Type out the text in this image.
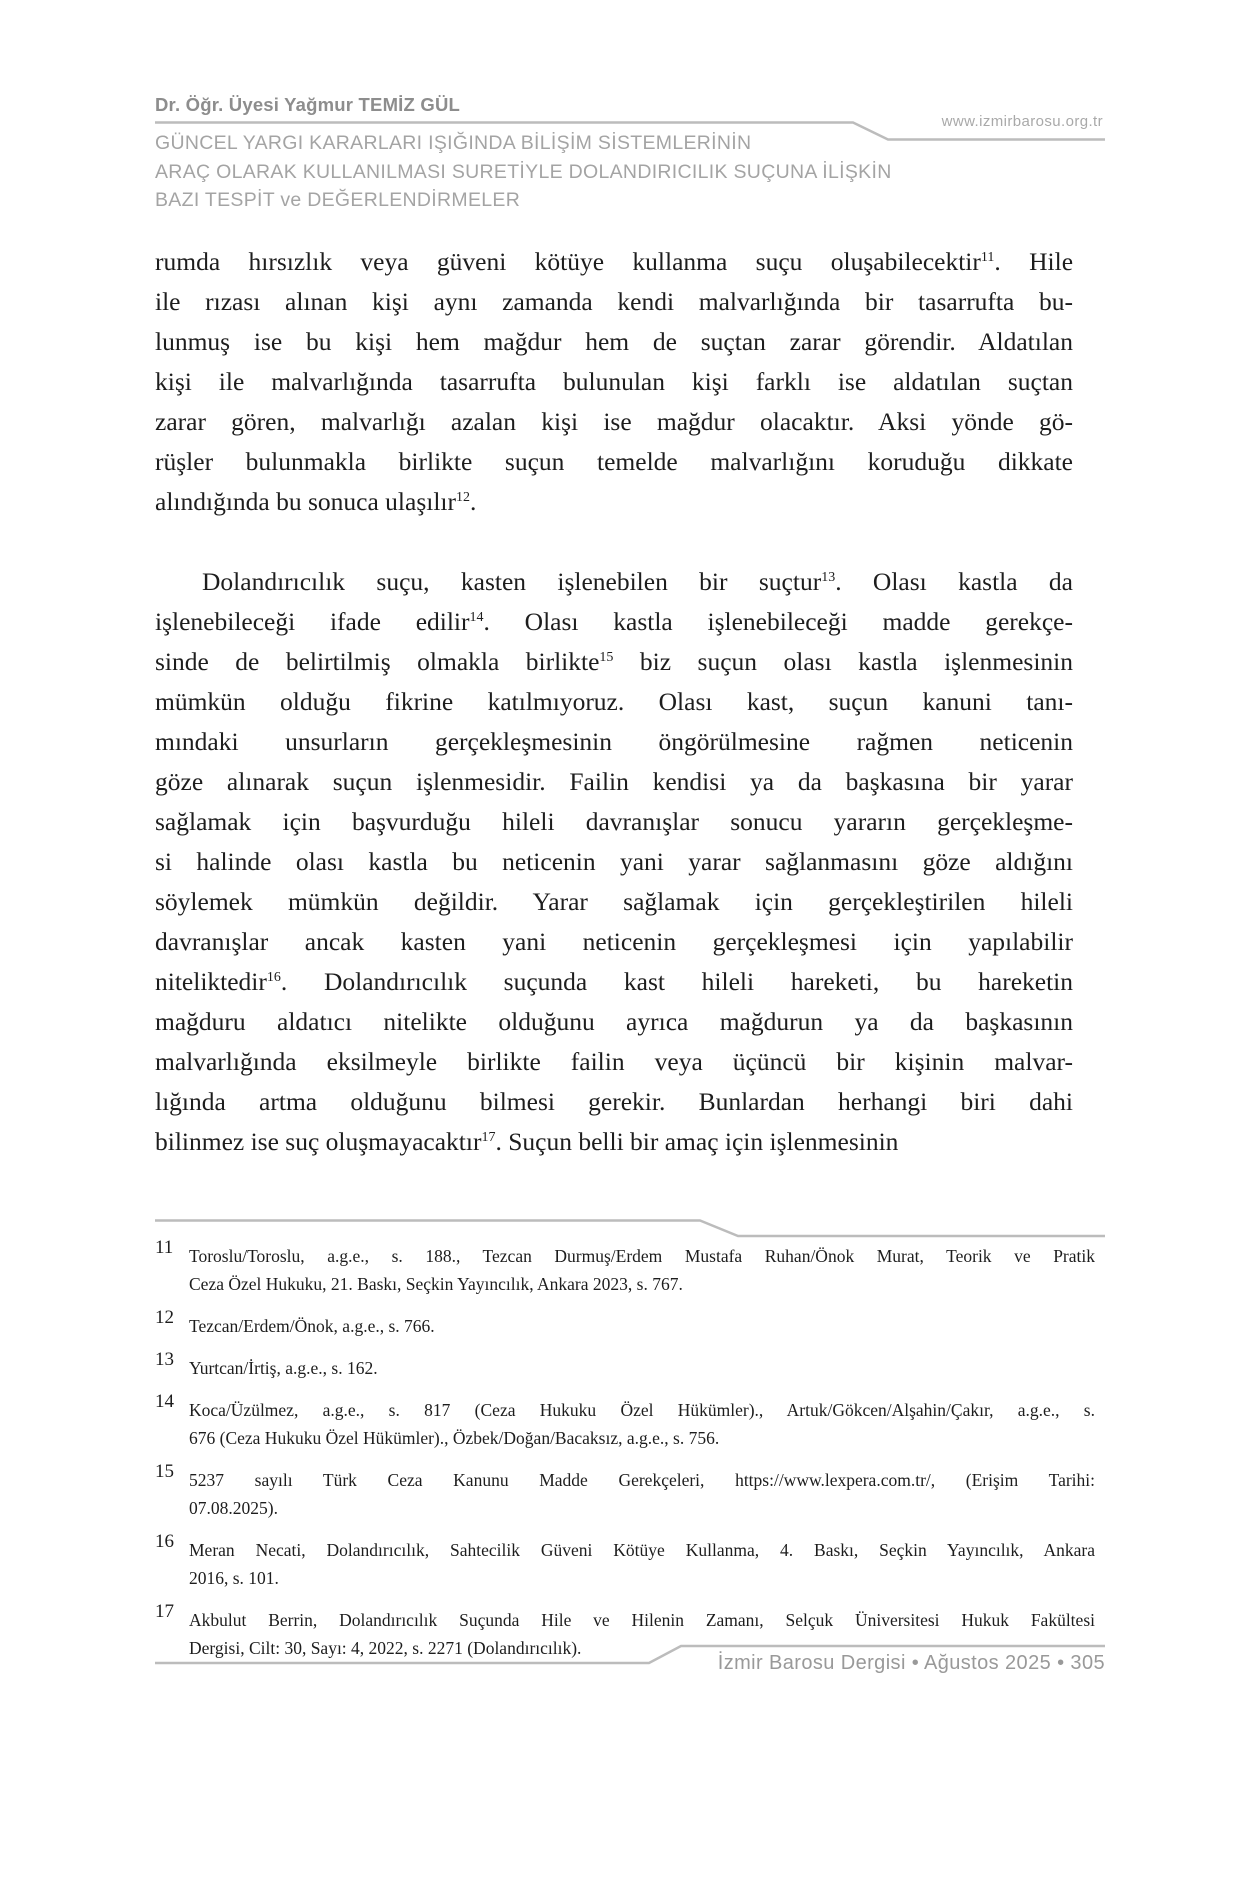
Dr. Öğr. Üyesi Yağmur TEMİZ GÜL
www.izmirbarosu.org.tr
GÜNCEL YARGI KARARLARI IŞIĞINDA BİLİŞİM SİSTEMLERİNİN
ARAÇ OLARAK KULLANILMASI SURETİYLE DOLANDIRICILIK SUÇUNA İLİŞKİN
BAZI TESPİT ve DEĞERLENDİRMELER
rumda hırsızlık veya güveni kötüye kullanma suçu oluşabilecektir$^{11}$. Hile
ile rızası alınan kişi aynı zamanda kendi malvarlığında bir tasarrufta bu-
lunmuş ise bu kişi hem mağdur hem de suçtan zarar görendir. Aldatılan
kişi ile malvarlığında tasarrufta bulunulan kişi farklı ise aldatılan suçtan
zarar gören, malvarlığı azalan kişi ise mağdur olacaktır. Aksi yönde gö-
rüşler bulunmakla birlikte suçun temelde malvarlığını koruduğu dikkate
alındığında bu sonuca ulaşılır$^{12}$.
Dolandırıcılık suçu, kasten işlenebilen bir suçtur$^{13}$. Olası kastla da
işlenebileceği ifade edilir$^{14}$. Olası kastla işlenebileceği madde gerekçe-
sinde de belirtilmiş olmakla birlikte$^{15}$ biz suçun olası kastla işlenmesinin
mümkün olduğu fikrine katılmıyoruz. Olası kast, suçun kanuni tanı-
mındaki unsurların gerçekleşmesinin öngörülmesine rağmen neticenin
göze alınarak suçun işlenmesidir. Failin kendisi ya da başkasına bir yarar
sağlamak için başvurduğu hileli davranışlar sonucu yararın gerçekleşme-
si halinde olası kastla bu neticenin yani yarar sağlanmasını göze aldığını
söylemek mümkün değildir. Yarar sağlamak için gerçekleştirilen hileli
davranışlar ancak kasten yani neticenin gerçekleşmesi için yapılabilir
niteliktedir$^{16}$. Dolandırıcılık suçunda kast hileli hareketi, bu hareketin
mağduru aldatıcı nitelikte olduğunu ayrıca mağdurun ya da başkasının
malvarlığında eksilmeyle birlikte failin veya üçüncü bir kişinin malvar-
lığında artma olduğunu bilmesi gerekir. Bunlardan herhangi biri dahi
bilinmez ise suç oluşmayacaktır$^{17}$. Suçun belli bir amaç için işlenmesinin
11 Toroslu/Toroslu, a.g.e., s. 188., Tezcan Durmuş/Erdem Mustafa Ruhan/Önok Murat, Teorik ve Pratik
Ceza Özel Hukuku, 21. Baskı, Seçkin Yayıncılık, Ankara 2023, s. 767.
12 Tezcan/Erdem/Önok, a.g.e., s. 766.
13 Yurtcan/İrtiş, a.g.e., s. 162.
14 Koca/Üzülmez, a.g.e., s. 817 (Ceza Hukuku Özel Hükümler)., Artuk/Gökcen/Alşahin/Çakır, a.g.e., s.
676 (Ceza Hukuku Özel Hükümler)., Özbek/Doğan/Bacaksız, a.g.e., s. 756.
15 5237 sayılı Türk Ceza Kanunu Madde Gerekçeleri, https://www.lexpera.com.tr/, (Erişim Tarihi:
07.08.2025).
16 Meran Necati, Dolandırıcılık, Sahtecilik Güveni Kötüye Kullanma, 4. Baskı, Seçkin Yayıncılık, Ankara
2016, s. 101.
17 Akbulut Berrin, Dolandırıcılık Suçunda Hile ve Hilenin Zamanı, Selçuk Üniversitesi Hukuk Fakültesi
Dergisi, Cilt: 30, Sayı: 4, 2022, s. 2271 (Dolandırıcılık).
İzmir Barosu Dergisi • Ağustos 2025 • 305
